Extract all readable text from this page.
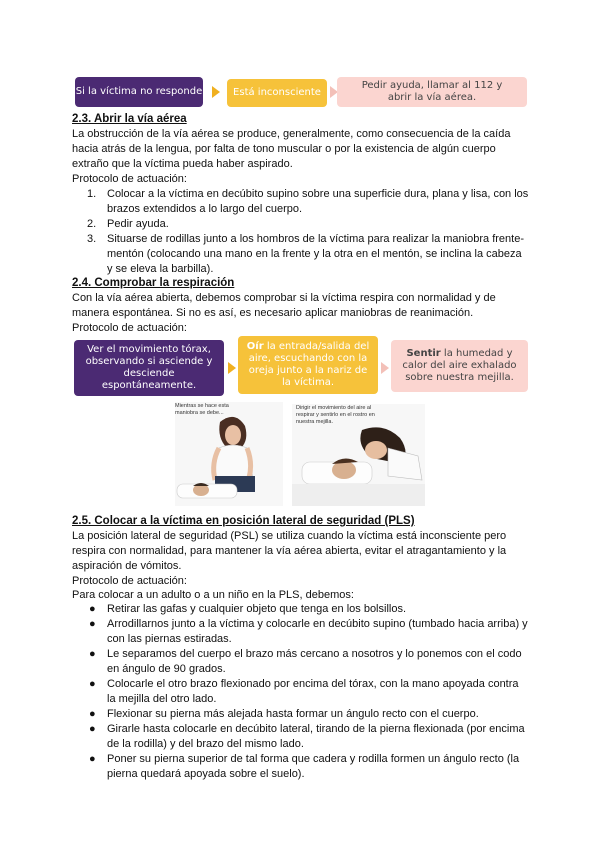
Si la víctima no responde	Está inconsciente
Pedir ayuda, llamar al 112 y abrir la vía aérea.
2.3. Abrir la vía aérea

La obstrucción de la vía aérea se produce, generalmente, como consecuencia de la caída hacia atrás de la lengua, por falta de tono muscular o por la existencia de algún cuerpo extraño que la víctima pueda haber aspirado.

Protocolo de actuación:

1. Colocar a la víctima en decúbito supino sobre una superficie dura, plana y lisa, con los brazos extendidos a lo largo del cuerpo.
2. Pedir ayuda.
3. Situarse de rodillas junto a los hombros de la víctima para realizar la maniobra frente-mentón (colocando una mano en la frente y la otra en el mentón, se inclina la cabeza y se eleva la barbilla).
2.4. Comprobar la respiración

Con la vía aérea abierta, debemos comprobar si la víctima respira con normalidad y de manera espontánea. Si no es así, es necesario aplicar maniobras de reanimación.

Protocolo de actuación:

Ver el movimiento tórax, observando si asciende y desciende espontáneamente.
Oír la entrada/salida del aire, escuchando con la oreja junto a la nariz de la víctima.
Sentir la humedad y calor del aire exhalado sobre nuestra mejilla.
Mientras se hace esta maniobra se debe...
Dirigir el movimiento del aire al respirar y sentirlo en el rostro en nuestra mejilla.
2.5. Colocar a la víctima en posición lateral de seguridad (PLS)

La posición lateral de seguridad (PSL) se utiliza cuando la víctima está inconsciente pero respira con normalidad, para mantener la vía aérea abierta, evitar el atragantamiento y la aspiración de vómitos.

Protocolo de actuación:

Para colocar a un adulto o a un niño en la PLS, debemos:

● Retirar las gafas y cualquier objeto que tenga en los bolsillos.
● Arrodillarnos junto a la víctima y colocarle en decúbito supino (tumbado hacia arriba) y con las piernas estiradas.
● Le separamos del cuerpo el brazo más cercano a nosotros y lo ponemos con el codo en ángulo de 90 grados.
● Colocarle el otro brazo flexionado por encima del tórax, con la mano apoyada contra la mejilla del otro lado.
● Flexionar su pierna más alejada hasta formar un ángulo recto con el cuerpo.
● Girarle hasta colocarle en decúbito lateral, tirando de la pierna flexionada (por encima de la rodilla) y del brazo del mismo lado.
● Poner su pierna superior de tal forma que cadera y rodilla formen un ángulo recto (la pierna quedará apoyada sobre el suelo).
